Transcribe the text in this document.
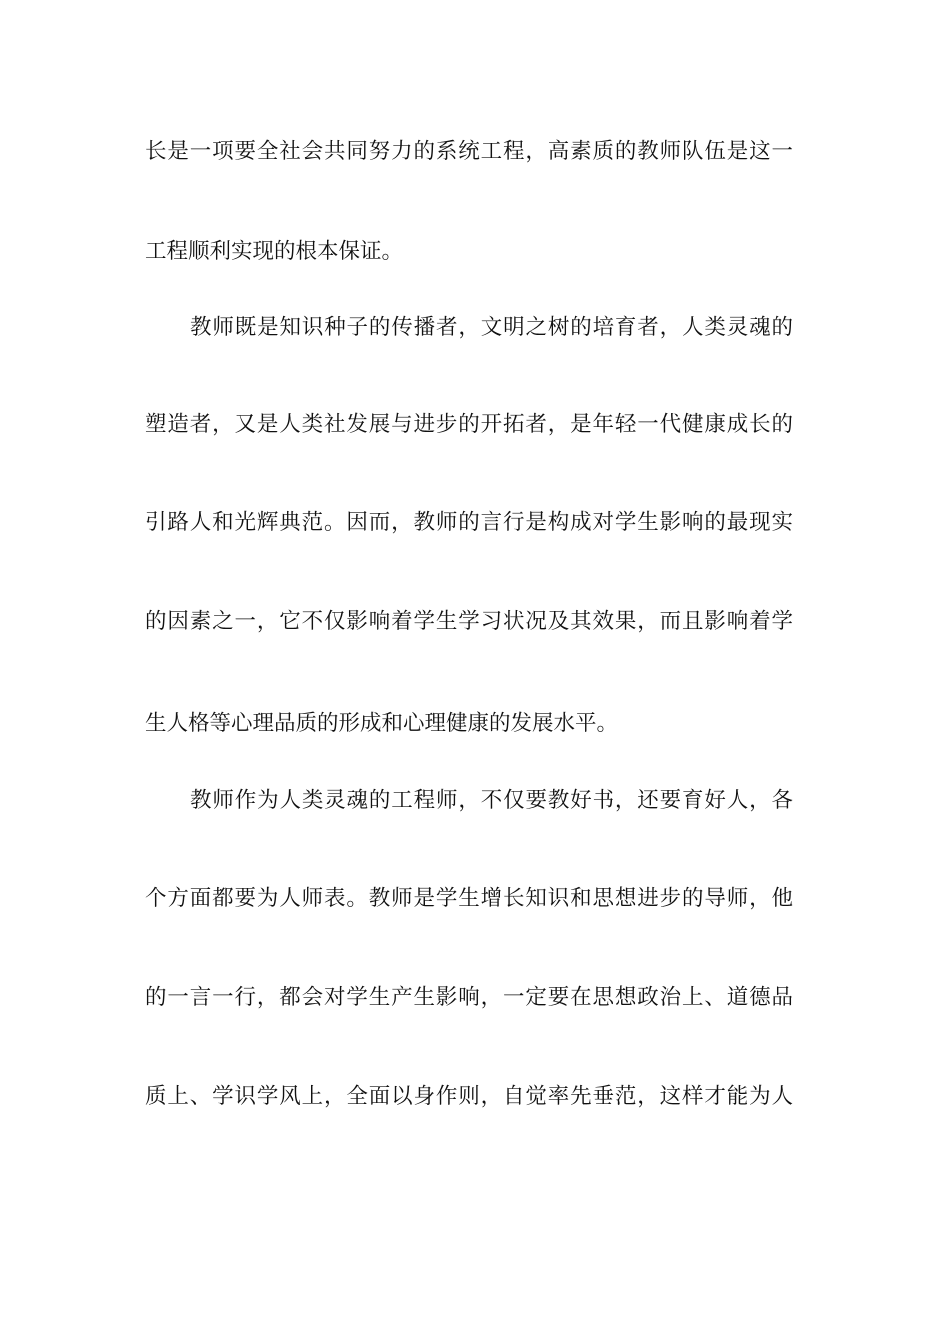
长是一项要全社会共同努力的系统工程，高素质的教师队伍是这一
工程顺利实现的根本保证。
教师既是知识种子的传播者，文明之树的培育者，人类灵魂的
塑造者，又是人类社发展与进步的开拓者，是年轻一代健康成长的
引路人和光辉典范。因而，教师的言行是构成对学生影响的最现实
的因素之一，它不仅影响着学生学习状况及其效果，而且影响着学
生人格等心理品质的形成和心理健康的发展水平。
教师作为人类灵魂的工程师，不仅要教好书，还要育好人，各
个方面都要为人师表。教师是学生增长知识和思想进步的导师，他
的一言一行，都会对学生产生影响，一定要在思想政治上、道德品
质上、学识学风上，全面以身作则，自觉率先垂范，这样才能为人
